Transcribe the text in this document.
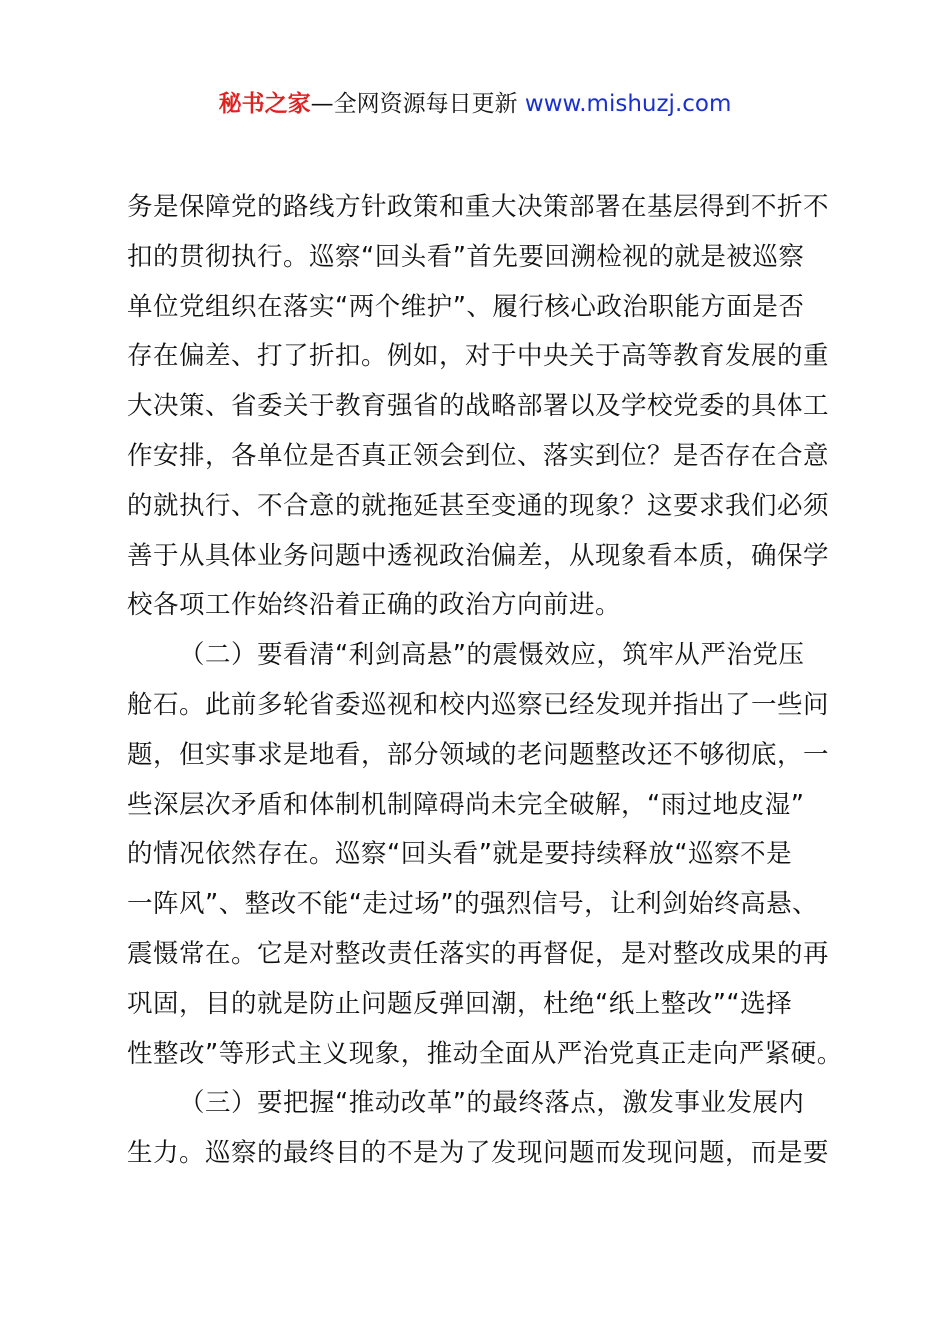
秘书之家—全网资源每日更新 www.mishuzj.com

务是保障党的路线方针政策和重大决策部署在基层得到不折不
扣的贯彻执行。巡察“回头看”首先要回溯检视的就是被巡察
单位党组织在落实“两个维护”、履行核心政治职能方面是否
存在偏差、打了折扣。例如，对于中央关于高等教育发展的重
大决策、省委关于教育强省的战略部署以及学校党委的具体工
作安排，各单位是否真正领会到位、落实到位？是否存在合意
的就执行、不合意的就拖延甚至变通的现象？这要求我们必须
善于从具体业务问题中透视政治偏差，从现象看本质，确保学
校各项工作始终沿着正确的政治方向前进。

（二）要看清“利剑高悬”的震慑效应，筑牢从严治党压
舱石。此前多轮省委巡视和校内巡察已经发现并指出了一些问
题，但实事求是地看，部分领域的老问题整改还不够彻底，一
些深层次矛盾和体制机制障碍尚未完全破解，“雨过地皮湿”
的情况依然存在。巡察“回头看”就是要持续释放“巡察不是
一阵风”、整改不能“走过场”的强烈信号，让利剑始终高悬、
震慑常在。它是对整改责任落实的再督促，是对整改成果的再
巩固，目的就是防止问题反弹回潮，杜绝“纸上整改”“选择
性整改”等形式主义现象，推动全面从严治党真正走向严紧硬。

（三）要把握“推动改革”的最终落点，激发事业发展内
生力。巡察的最终目的不是为了发现问题而发现问题，而是要
